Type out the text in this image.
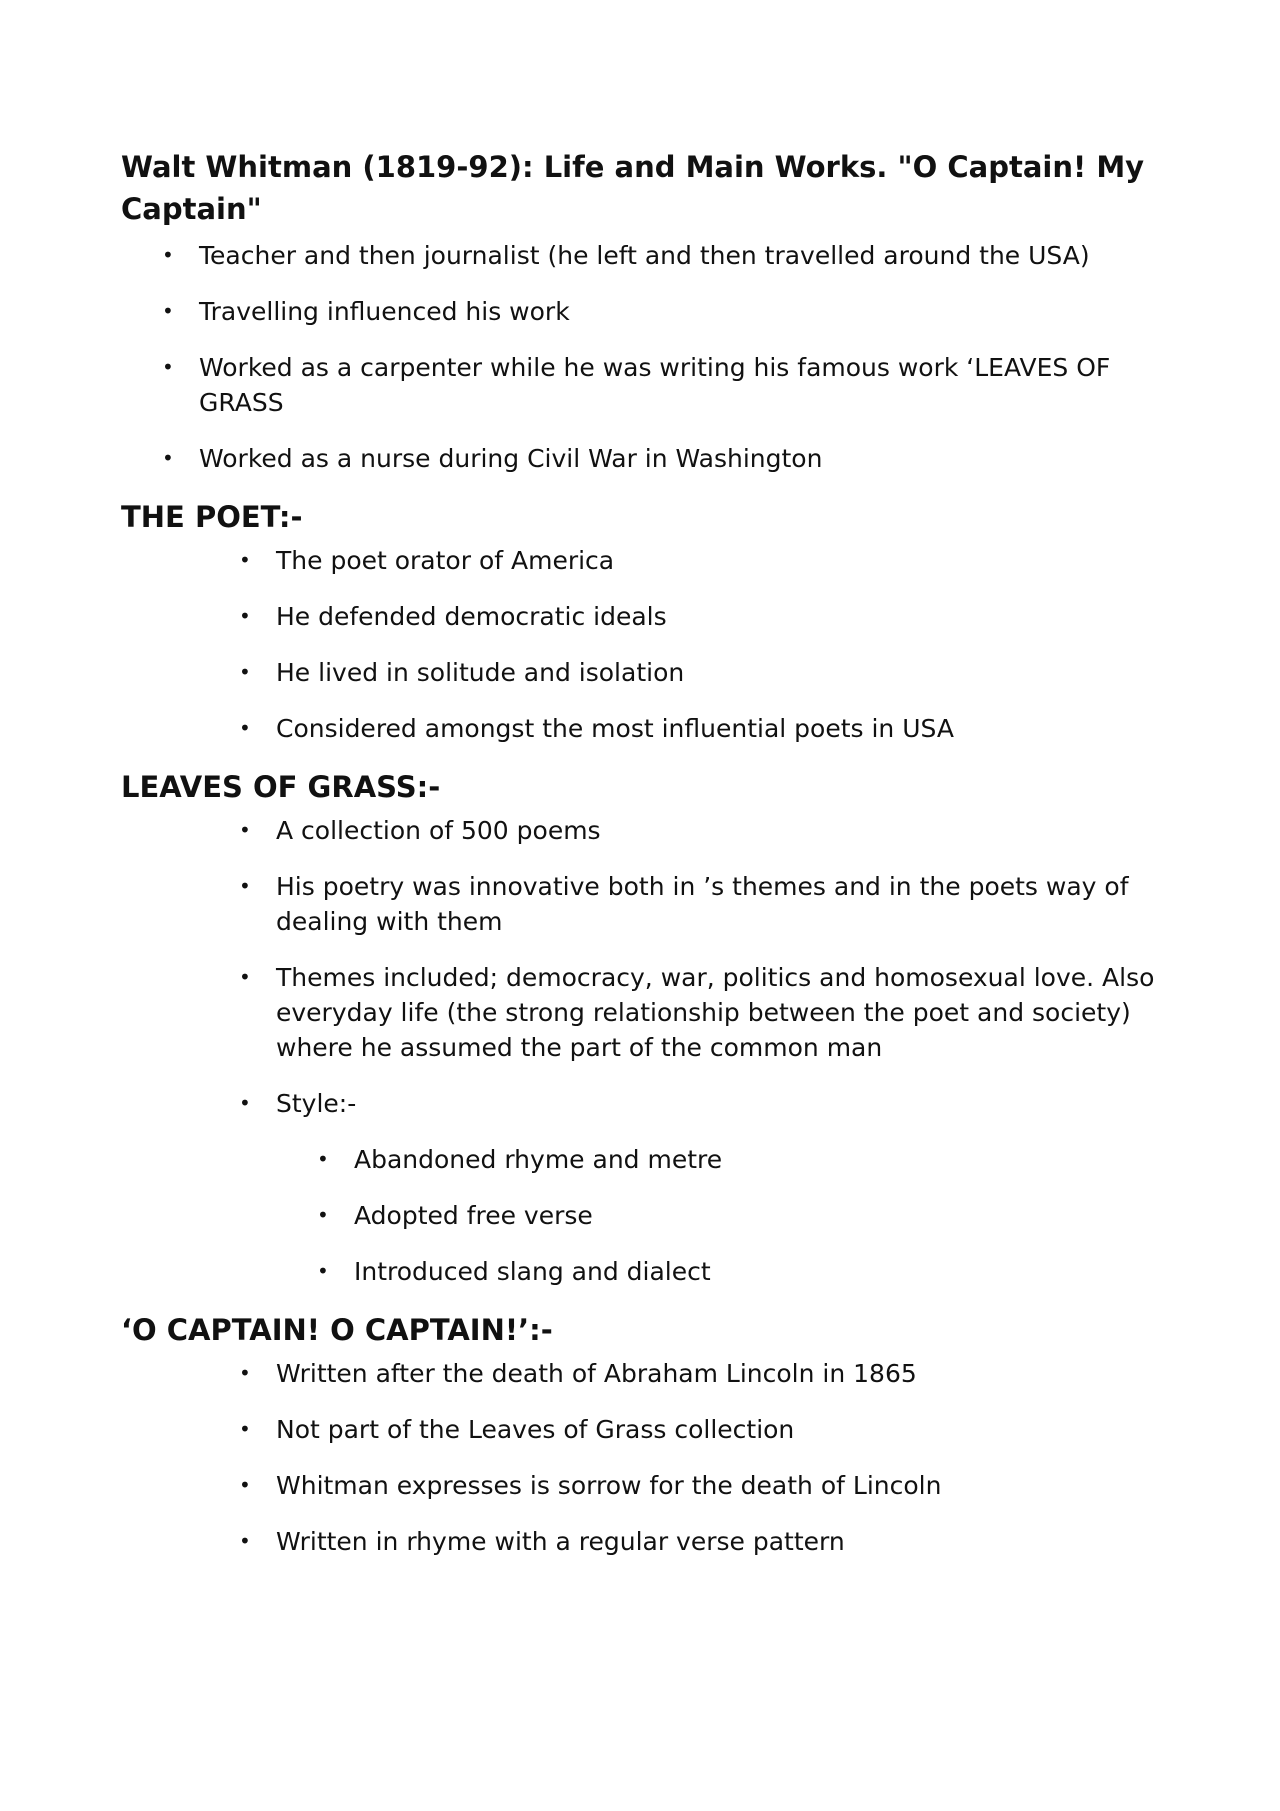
Walt Whitman (1819-92): Life and Main Works. "O Captain! My Captain"
• Teacher and then journalist (he left and then travelled around the USA)
• Travelling influenced his work
• Worked as a carpenter while he was writing his famous work ‘LEAVES OF GRASS
• Worked as a nurse during Civil War in Washington
THE POET:-
• The poet orator of America
• He defended democratic ideals
• He lived in solitude and isolation
• Considered amongst the most influential poets in USA
LEAVES OF GRASS:-
• A collection of 500 poems
• His poetry was innovative both in ’s themes and in the poets way of dealing with them
• Themes included; democracy, war, politics and homosexual love. Also everyday life (the strong relationship between the poet and society) where he assumed the part of the common man
• Style:-
• Abandoned rhyme and metre
• Adopted free verse
• Introduced slang and dialect
‘O CAPTAIN! O CAPTAIN!’:-
• Written after the death of Abraham Lincoln in 1865
• Not part of the Leaves of Grass collection
• Whitman expresses is sorrow for the death of Lincoln
• Written in rhyme with a regular verse pattern
